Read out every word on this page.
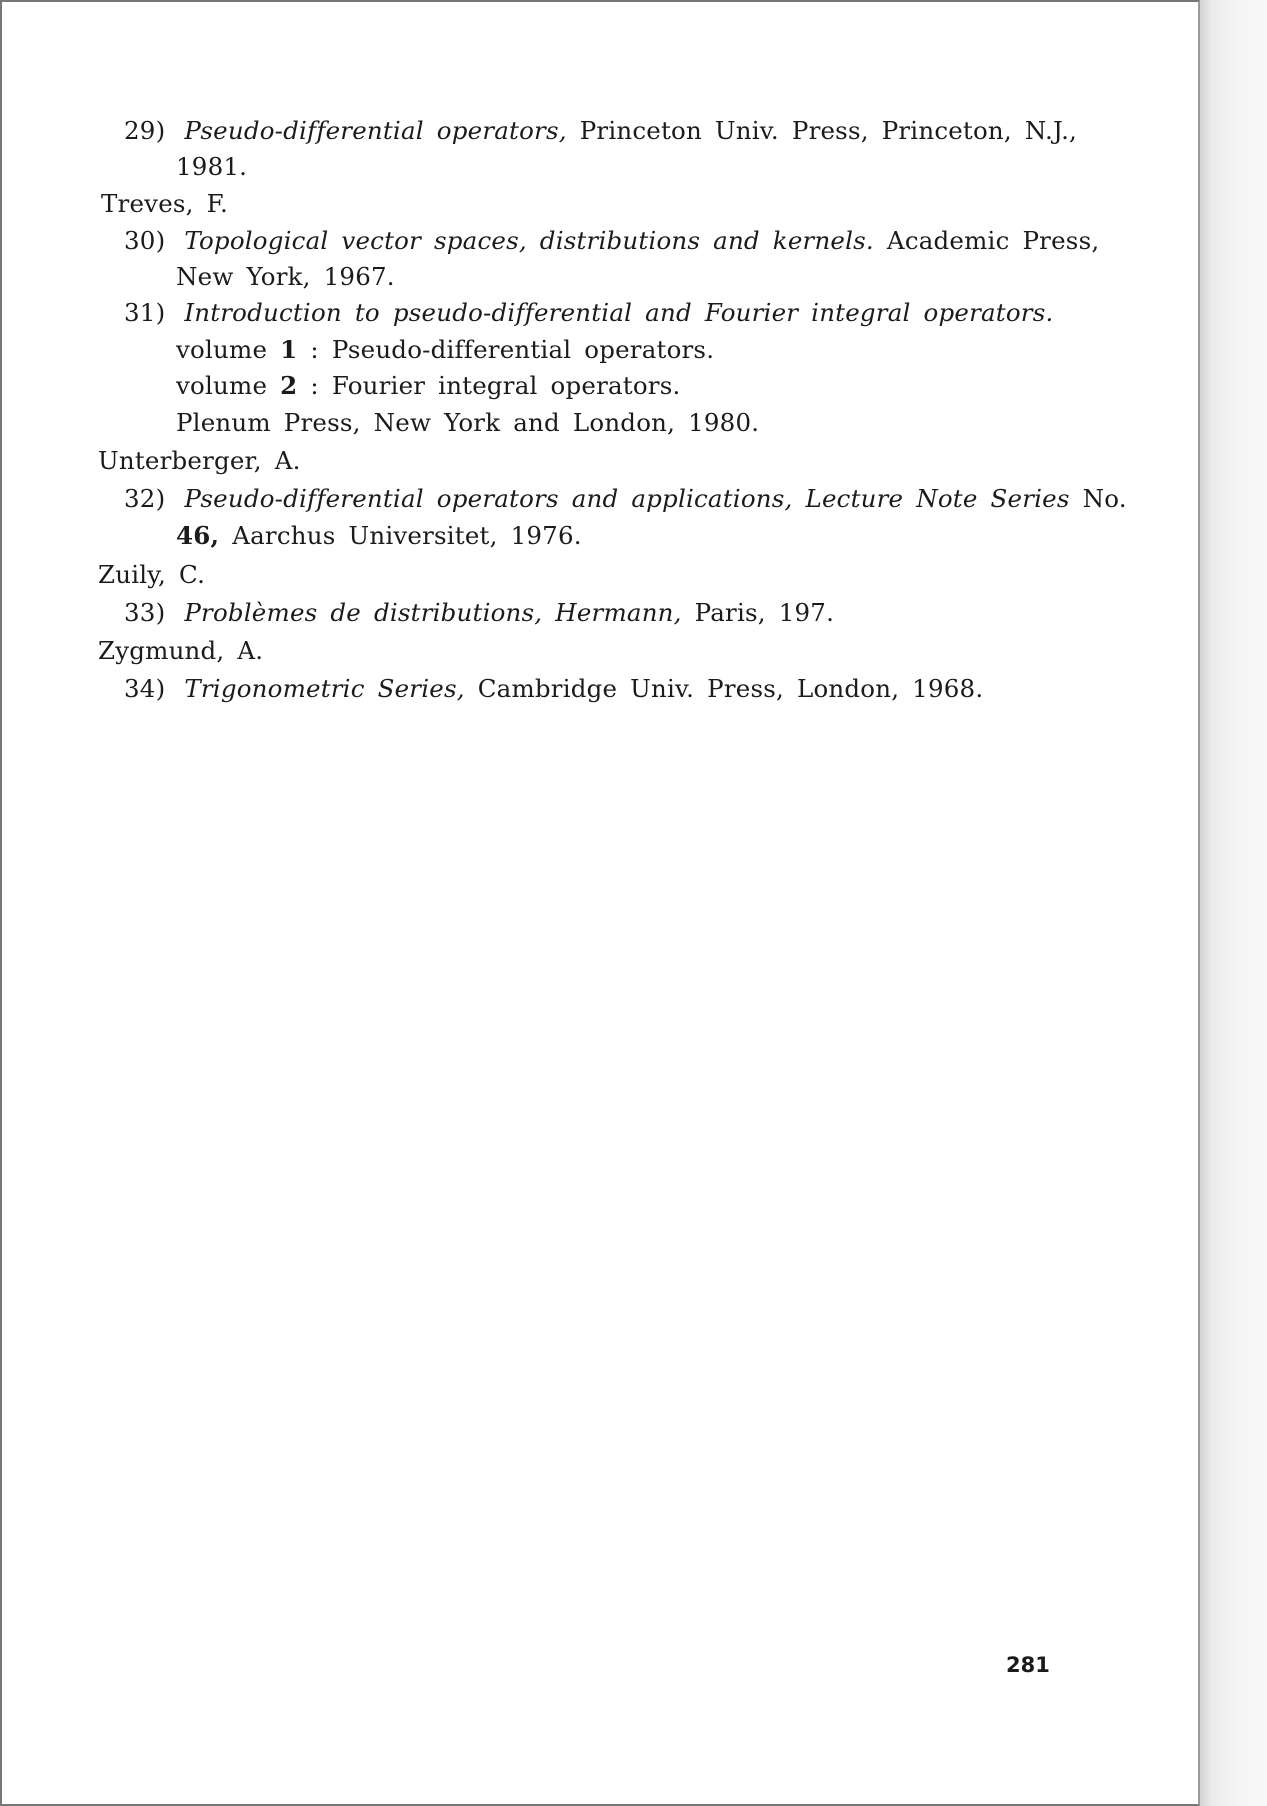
29) Pseudo-differential operators, Princeton Univ. Press, Princeton, N.J.,
1981.
Treves, F.
30) Topological vector spaces, distributions and kernels. Academic Press,
New York, 1967.
31) Introduction to pseudo-differential and Fourier integral operators.
volume 1 : Pseudo-differential operators.
volume 2 : Fourier integral operators.
Plenum Press, New York and London, 1980.
Unterberger, A.
32) Pseudo-differential operators and applications, Lecture Note Series No.
46, Aarchus Universitet, 1976.
Zuily, C.
33) Problèmes de distributions, Hermann, Paris, 197.
Zygmund, A.
34) Trigonometric Series, Cambridge Univ. Press, London, 1968.
281
